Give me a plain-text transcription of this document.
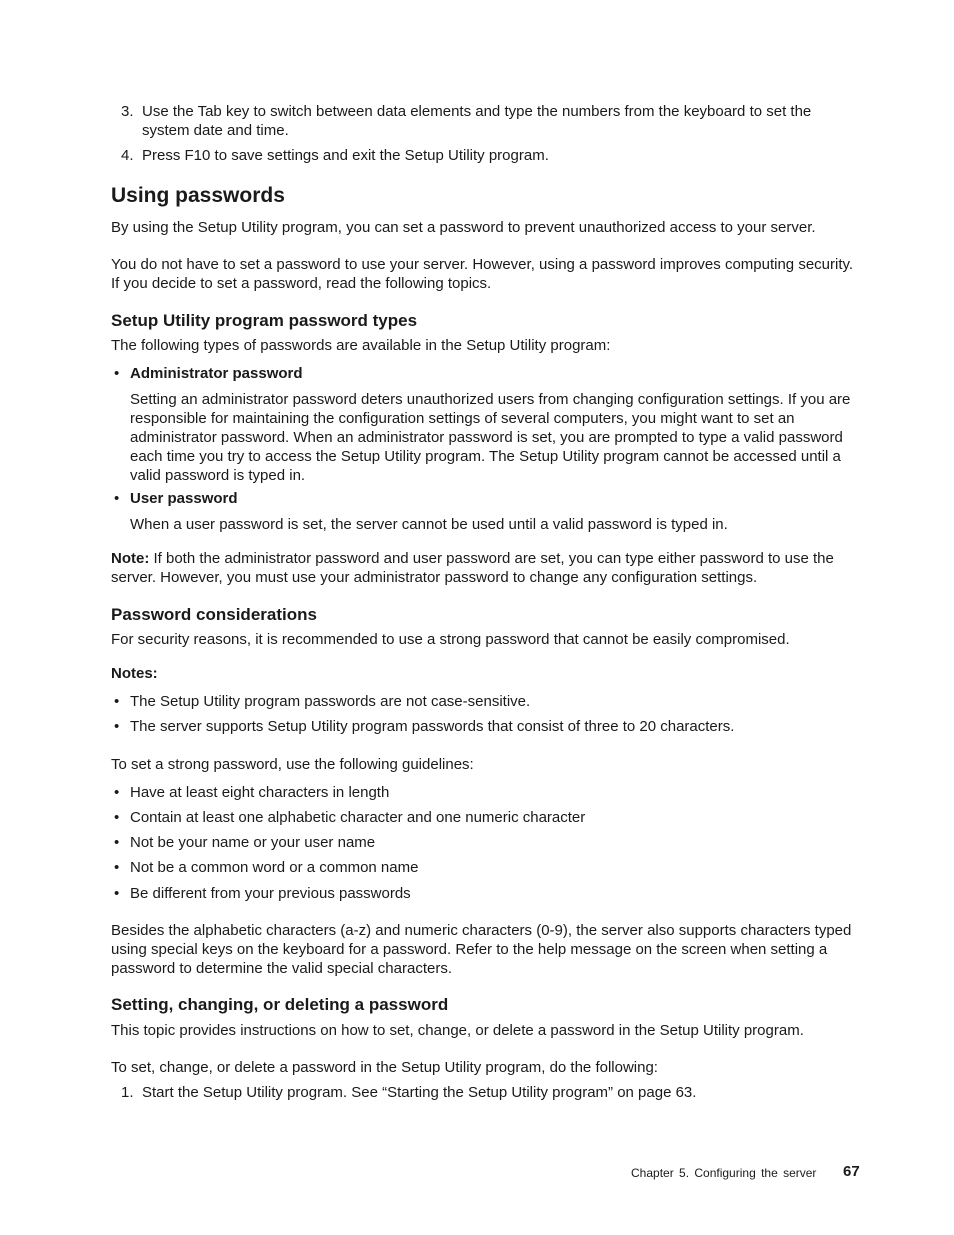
3. Use the Tab key to switch between data elements and type the numbers from the keyboard to set the system date and time.
4. Press F10 to save settings and exit the Setup Utility program.
Using passwords

By using the Setup Utility program, you can set a password to prevent unauthorized access to your server.

You do not have to set a password to use your server. However, using a password improves computing security. If you decide to set a password, read the following topics.

Setup Utility program password types

The following types of passwords are available in the Setup Utility program:

• Administrator password
Setting an administrator password deters unauthorized users from changing configuration settings. If you are responsible for maintaining the configuration settings of several computers, you might want to set an administrator password. When an administrator password is set, you are prompted to type a valid password each time you try to access the Setup Utility program. The Setup Utility program cannot be accessed until a valid password is typed in.
• User password
When a user password is set, the server cannot be used until a valid password is typed in.

Note: If both the administrator password and user password are set, you can type either password to use the server. However, you must use your administrator password to change any configuration settings.

Password considerations

For security reasons, it is recommended to use a strong password that cannot be easily compromised.

Notes:

• The Setup Utility program passwords are not case-sensitive.
• The server supports Setup Utility program passwords that consist of three to 20 characters.

To set a strong password, use the following guidelines:

• Have at least eight characters in length
• Contain at least one alphabetic character and one numeric character
• Not be your name or your user name
• Not be a common word or a common name
• Be different from your previous passwords

Besides the alphabetic characters (a-z) and numeric characters (0-9), the server also supports characters typed using special keys on the keyboard for a password. Refer to the help message on the screen when setting a password to determine the valid special characters.

Setting, changing, or deleting a password

This topic provides instructions on how to set, change, or delete a password in the Setup Utility program.

To set, change, or delete a password in the Setup Utility program, do the following:

1. Start the Setup Utility program. See “Starting the Setup Utility program” on page 63.
Chapter 5. Configuring the server 67
